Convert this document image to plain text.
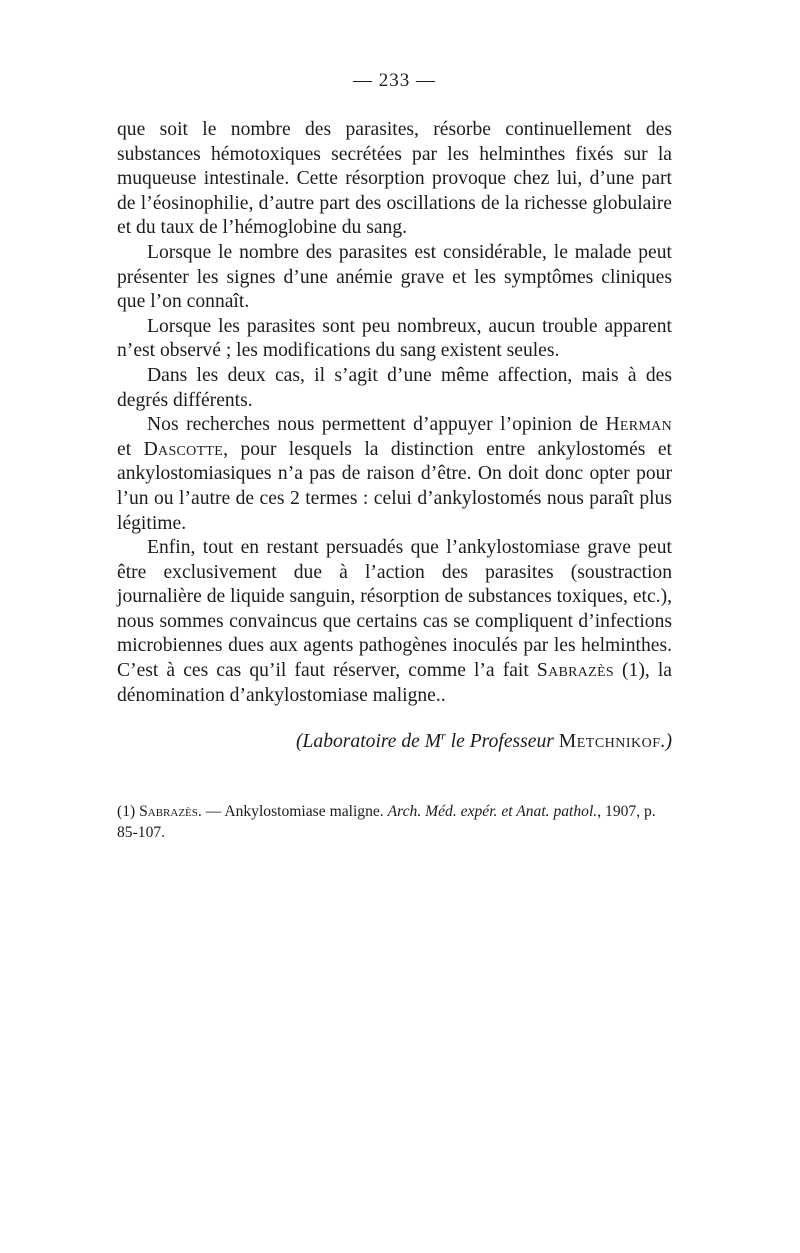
— 233 —

que soit le nombre des parasites, résorbe continuellement des substances hémotoxiques secrétées par les helminthes fixés sur la muqueuse intestinale. Cette résorption provoque chez lui, d’une part de l’éosinophilie, d’autre part des oscillations de la richesse globulaire et du taux de l’hémoglobine du sang.

Lorsque le nombre des parasites est considérable, le malade peut présenter les signes d’une anémie grave et les symptômes cliniques que l’on connaît.

Lorsque les parasites sont peu nombreux, aucun trouble apparent n’est observé ; les modifications du sang existent seules.

Dans les deux cas, il s’agit d’une même affection, mais à des degrés différents.

Nos recherches nous permettent d’appuyer l’opinion de Herman et Dascotte, pour lesquels la distinction entre ankylostomés et ankylostomiasiques n’a pas de raison d’être. On doit donc opter pour l’un ou l’autre de ces 2 termes : celui d’ankylostomés nous paraît plus légitime.

Enfin, tout en restant persuadés que l’ankylostomiase grave peut être exclusivement due à l’action des parasites (soustraction journalière de liquide sanguin, résorption de substances toxiques, etc.), nous sommes convaincus que certains cas se compliquent d’infections microbiennes dues aux agents pathogènes inoculés par les helminthes. C’est à ces cas qu’il faut réserver, comme l’a fait Sabrazès (1), la dénomination d’ankylostomiase maligne..

(Laboratoire de $M^r$ le Professeur Metchnikof.)

(1) Sabrazès. — Ankylostomiase maligne. Arch. Méd. expér. et Anat. pathol., 1907, p. 85-107.
